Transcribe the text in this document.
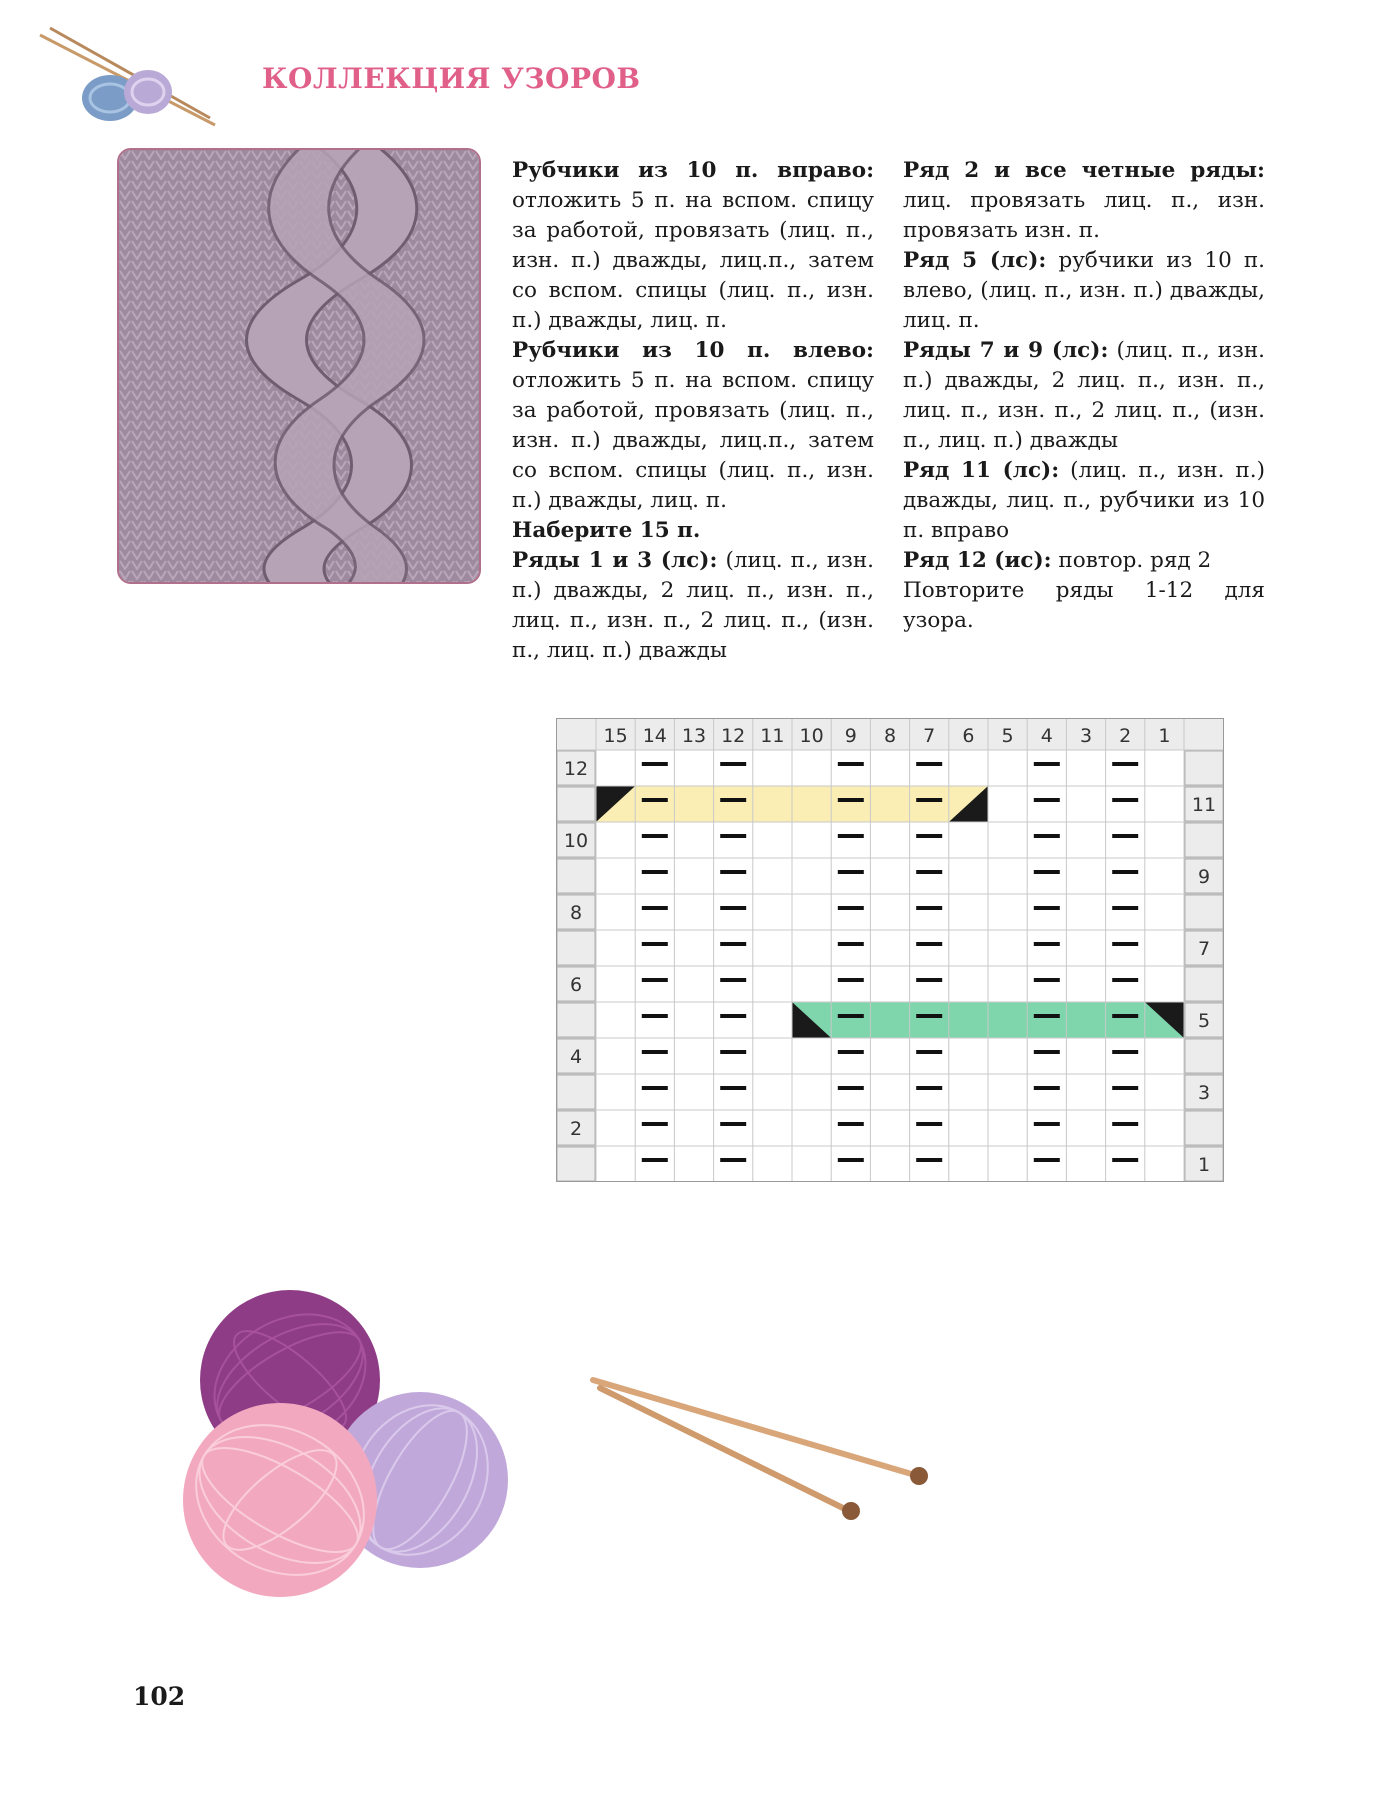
КОЛЛЕКЦИЯ УЗОРОВ

Рубчики из 10 п. вправо: отложить 5 п. на вспом. спицу за работой, провязать (лиц. п., изн. п.) дважды, лиц.п., затем со вспом. спицы (лиц. п., изн. п.) дважды, лиц. п.

Рубчики из 10 п. влево: отложить 5 п. на вспом. спицу за работой, провязать (лиц. п., изн. п.) дважды, лиц.п., затем со вспом. спицы (лиц. п., изн. п.) дважды, лиц. п.

Наберите 15 п.

Ряды 1 и 3 (лс): (лиц. п., изн. п.) дважды, 2 лиц. п., изн. п., лиц. п., изн. п., 2 лиц. п., (изн. п., лиц. п.) дважды

Ряд 2 и все четные ряды: лиц. провязать лиц. п., изн. провязать изн. п.

Ряд 5 (лс): рубчики из 10 п. влево, (лиц. п., изн. п.) дважды, лиц. п.

Ряды 7 и 9 (лс): (лиц. п., изн. п.) дважды, 2 лиц. п., изн. п., лиц. п., изн. п., 2 лиц. п., (изн. п., лиц. п.) дважды

Ряд 11 (лс): (лиц. п., изн. п.) дважды, лиц. п., рубчики из 10 п. вправо

Ряд 12 (ис): повтор. ряд 2

Повторите ряды 1-12 для узора.

15 14 13 12 11 10 9 8 7 6 5 4 3 2 1
12
11
10
9
8
7
6
5
4
3
2
1
102
